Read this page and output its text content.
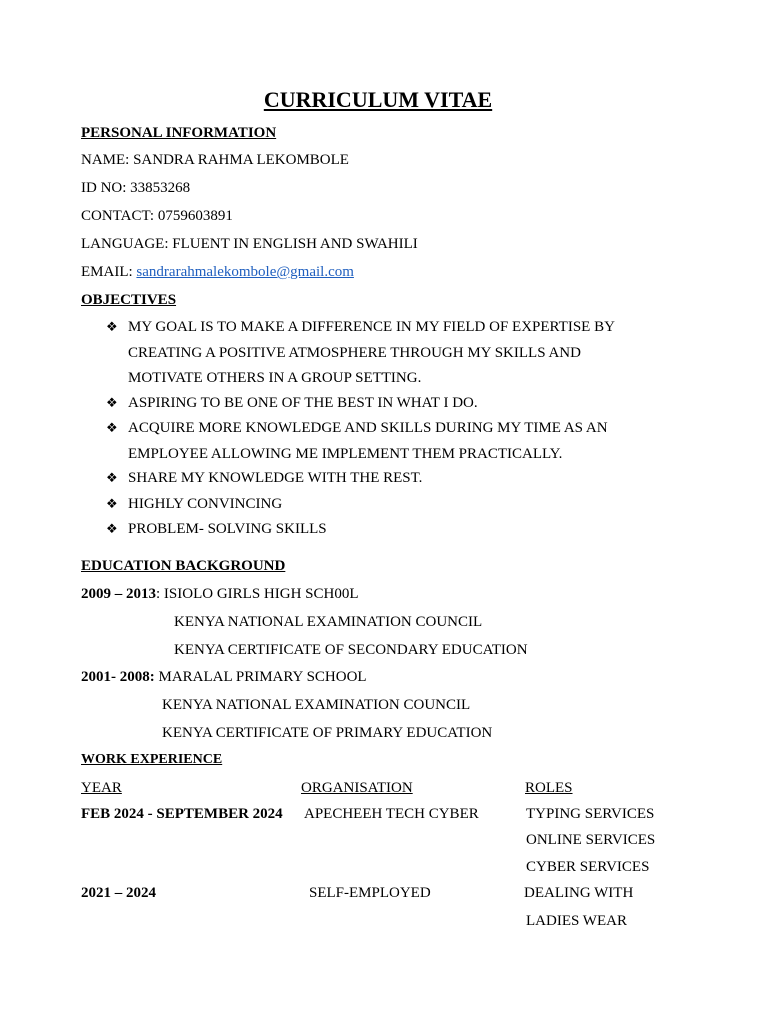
CURRICULUM VITAE
PERSONAL INFORMATION
NAME: SANDRA RAHMA LEKOMBOLE
ID NO: 33853268
CONTACT: 0759603891
LANGUAGE: FLUENT IN ENGLISH AND SWAHILI
EMAIL: sandrarahmalekombole@gmail.com
OBJECTIVES
❖ MY GOAL IS TO MAKE A DIFFERENCE IN MY FIELD OF EXPERTISE BY
CREATING A POSITIVE ATMOSPHERE THROUGH MY SKILLS AND
MOTIVATE OTHERS IN A GROUP SETTING.
❖ ASPIRING TO BE ONE OF THE BEST IN WHAT I DO.
❖ ACQUIRE MORE KNOWLEDGE AND SKILLS DURING MY TIME AS AN
EMPLOYEE ALLOWING ME IMPLEMENT THEM PRACTICALLY.
❖ SHARE MY KNOWLEDGE WITH THE REST.
❖ HIGHLY CONVINCING
❖ PROBLEM- SOLVING SKILLS
EDUCATION BACKGROUND
2009 – 2013: ISIOLO GIRLS HIGH SCH00L
KENYA NATIONAL EXAMINATION COUNCIL
KENYA CERTIFICATE OF SECONDARY EDUCATION
2001- 2008: MARALAL PRIMARY SCHOOL
KENYA NATIONAL EXAMINATION COUNCIL
KENYA CERTIFICATE OF PRIMARY EDUCATION
WORK EXPERIENCE
YEAR	ORGANISATION	ROLES
FEB 2024 - SEPTEMBER 2024 APECHEEH TECH CYBER	TYPING SERVICES
ONLINE SERVICES
CYBER SERVICES
2021 – 2024	SELF-EMPLOYED	DEALING WITH
LADIES WEAR
